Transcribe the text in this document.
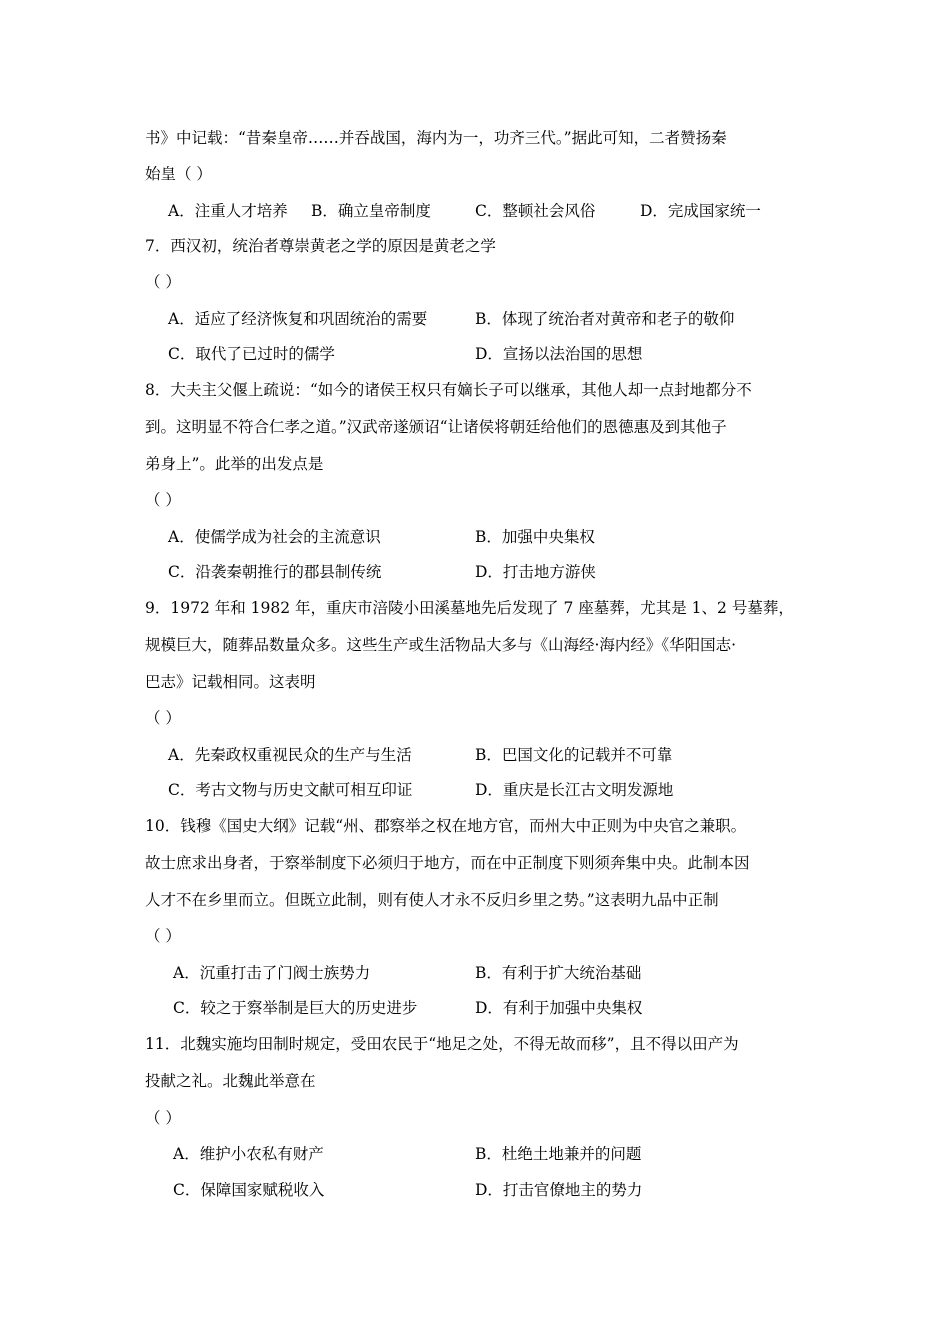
书》中记载：“昔秦皇帝……并吞战国，海内为一，功齐三代。”据此可知，二者赞扬秦
始皇（ ）
A．注重人才培养 B．确立皇帝制度	C．整顿社会风俗	D．完成国家统一
7．西汉初，统治者尊崇黄老之学的原因是黄老之学
（ ）
A．适应了经济恢复和巩固统治的需要	B．体现了统治者对黄帝和老子的敬仰
C．取代了已过时的儒学	D．宣扬以法治国的思想
8．大夫主父偃上疏说：“如今的诸侯王权只有嫡长子可以继承，其他人却一点封地都分不
到。这明显不符合仁孝之道。”汉武帝遂颁诏“让诸侯将朝廷给他们的恩德惠及到其他子
弟身上”。此举的出发点是
（ ）
A．使儒学成为社会的主流意识	B．加强中央集权
C．沿袭秦朝推行的郡县制传统	D．打击地方游侠
9．1972 年和 1982 年，重庆市涪陵小田溪墓地先后发现了 7 座墓葬，尤其是 1、2 号墓葬，
规模巨大，随葬品数量众多。这些生产或生活物品大多与《山海经·海内经》《华阳国志·
巴志》记载相同。这表明
（ ）
A．先秦政权重视民众的生产与生活	B．巴国文化的记载并不可靠
C．考古文物与历史文献可相互印证	D．重庆是长江古文明发源地
10．钱穆《国史大纲》记载“州、郡察举之权在地方官，而州大中正则为中央官之兼职。
故士庶求出身者，于察举制度下必须归于地方，而在中正制度下则须奔集中央。此制本因
人才不在乡里而立。但既立此制，则有使人才永不反归乡里之势。”这表明九品中正制
（ ）
A．沉重打击了门阀士族势力	B．有利于扩大统治基础
C．较之于察举制是巨大的历史进步	D．有利于加强中央集权
11．北魏实施均田制时规定，受田农民于“地足之处，不得无故而移”，且不得以田产为
投献之礼。北魏此举意在
（ ）
A．维护小农私有财产	B．杜绝土地兼并的问题
C．保障国家赋税收入	D．打击官僚地主的势力
